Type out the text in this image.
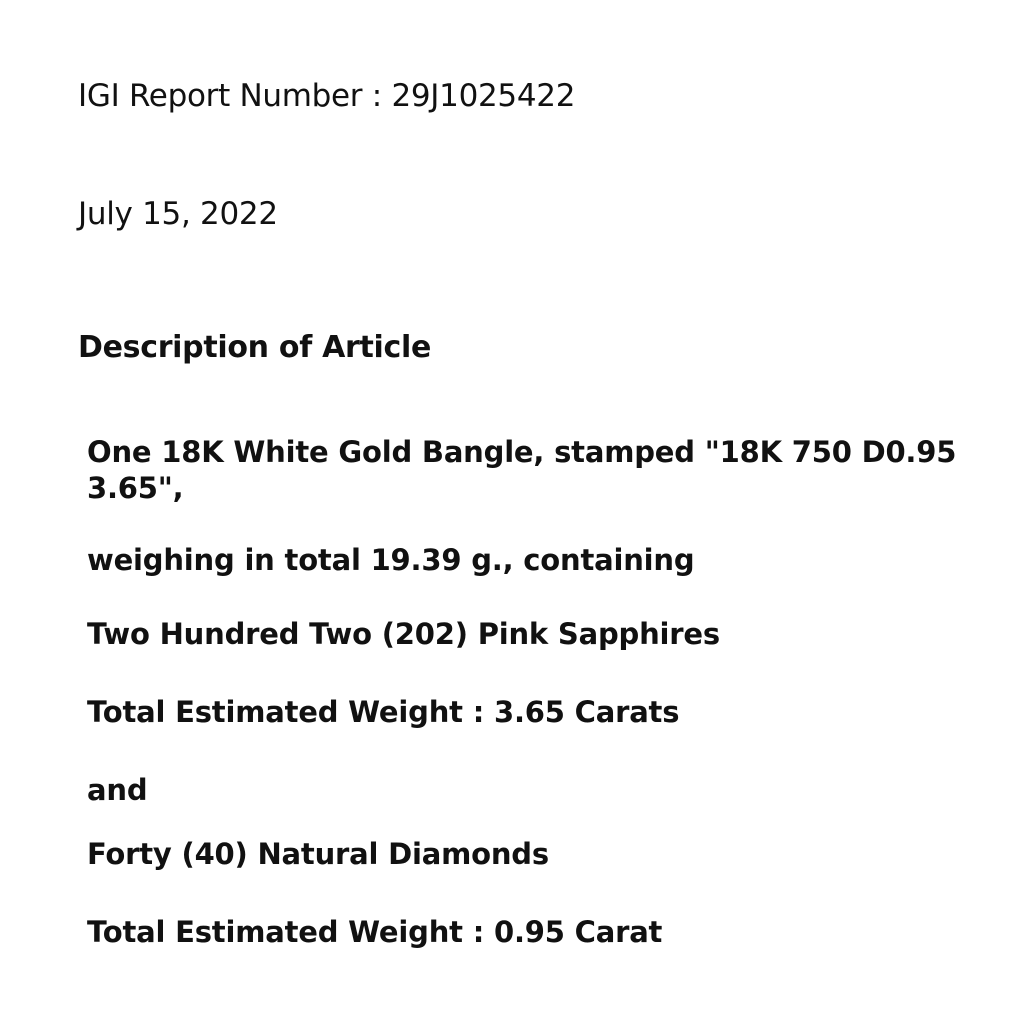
IGI Report Number : 29J1025422
July 15, 2022
Description of Article
One 18K White Gold Bangle, stamped "18K 750 D0.95 3.65",
weighing in total 19.39 g., containing
Two Hundred Two (202) Pink Sapphires
Total Estimated Weight : 3.65 Carats
and
Forty (40) Natural Diamonds
Total Estimated Weight : 0.95 Carat
